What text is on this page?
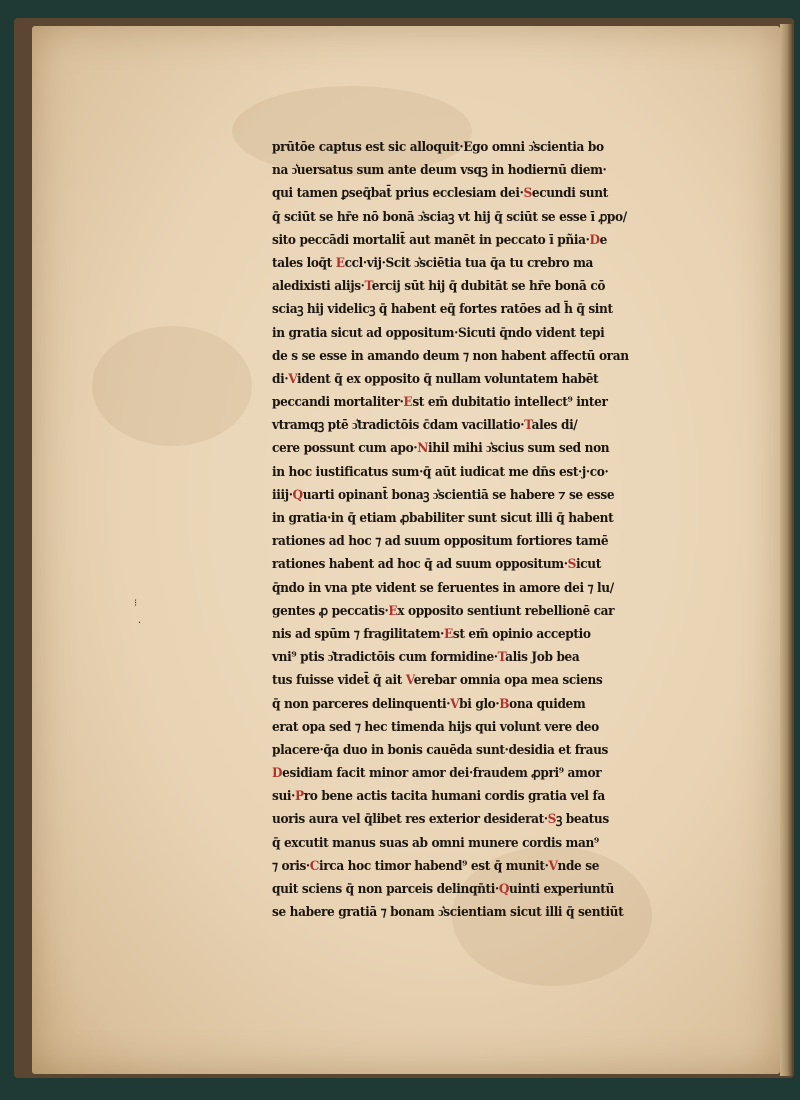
⁝
·
prūtōe captus est sic alloquit·Ego omni ɔ͛scientia bo
na ɔ͛uersatus sum ante deum vsqꝫ in hodiernū diem·
qui tamen ꝑseq̄bat̄ prius ecclesiam dei·Secundi sunt
q̄ sciūt se hr̄e nō bonā ɔ͛sciaꝫ vt hij q̄ sciūt se esse ī ꝓpo/
sito peccādi mortalit̄ aut manēt in peccato ī pñia·De
tales loq̄t Eccl·vij·Scit ɔ͛sciētia tua q̄a tu crebro ma
aledixisti alijs·Tercij sūt hij q̄ dubitāt se hr̄e bonā cō
sciaꝫ hij videlicꝫ q̄ habent eq̄ fortes ratōes ad h̄ q̄ sint
in gratia sicut ad oppositum·Sicuti q̄ndo vident tepi
de s se esse in amando deum ⁊ non habent affectū oran
di·Vident q̄ ex opposito q̄ nullam voluntatem habēt
peccandi mortaliter·Est em̄ dubitatio intellect⁹ inter
vtramqꝫ ptē ɔ͛tradictōis c̄dam vacillatio·Tales di/
cere possunt cum apo·Nihil mihi ɔ͛scius sum sed non
in hoc iustificatus sum·q̄ aūt iudicat me dn̄s est·j·co·
iiij·Quarti opinant̄ bonaꝫ ɔ͛scientiā se habere ⁊ se esse
in gratia·in q̄ etiam ꝓbabiliter sunt sicut illi q̄ habent
rationes ad hoc ⁊ ad suum oppositum fortiores tamē
rationes habent ad hoc q̄ ad suum oppositum·Sicut
q̄ndo in vna pte vident se feruentes in amore dei ⁊ lu/
gentes ꝓ peccatis·Ex opposito sentiunt rebellionē car
nis ad spūm ⁊ fragilitatem·Est em̄ opinio acceptio
vni⁹ ptis ɔ͛tradictōis cum formidine·Talis Job bea
tus fuisse videt̄ q̄ ait Verebar omnia opa mea sciens
q̄ non parceres delinquenti·Vbi glo·Bona quidem
erat opa sed ⁊ hec timenda hijs qui volunt vere deo
placere·q̄a duo in bonis cauēda sunt·desidia et fraus
Desidiam facit minor amor dei·fraudem ꝓpri⁹ amor
sui·Pro bene actis tacita humani cordis gratia vel fa
uoris aura vel q̄libet res exterior desiderat·Sꝫ beatus
q̄ excutit manus suas ab omni munere cordis man⁹
⁊ oris·Circa hoc timor habend⁹ est q̄ munit·Vnde se
quit sciens q̄ non parceis delinqn̄ti·Quinti experiuntū
se habere gratiā ⁊ bonam ɔ͛scientiam sicut illi q̄ sentiūt
